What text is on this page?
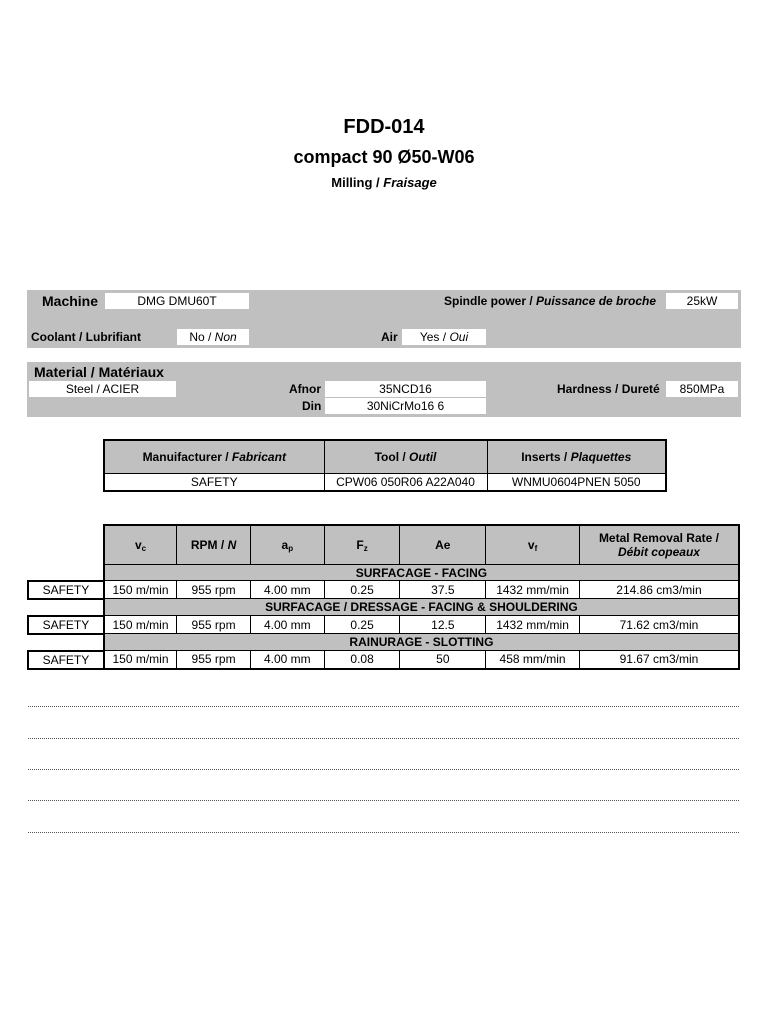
FDD-014
compact 90 Ø50-W06
Milling / Fraisage
Machine	DMG DMU60T	Spindle power / Puissance de broche	25kW
Coolant / Lubrifiant	No / Non	Air	Yes / Oui
Material / Matériaux
Steel / ACIER	Afnor	35NCD16
Din	30NiCrMo16 6
Hardness / Dureté	850MPa
Manuifacturer / Fabricant	Tool / Outil	Inserts / Plaquettes
SAFETY	CPW06 050R06 A22A040	WNMU0604PNEN 5050
	$v_c$	RPM / N	$a_p$	$F_z$	Ae	$v_f$	Metal Removal Rate /
Débit copeaux
	SURFACAGE - FACING						
SAFETY	150 m/min	955 rpm	4.00 mm	0.25	37.5	1432 mm/min	214.86 cm3/min
	SURFACAGE / DRESSAGE - FACING & SHOULDERING						
SAFETY	150 m/min	955 rpm	4.00 mm	0.25	12.5	1432 mm/min	71.62 cm3/min
	RAINURAGE - SLOTTING						
SAFETY	150 m/min	955 rpm	4.00 mm	0.08	50	458 mm/min	91.67 cm3/min
